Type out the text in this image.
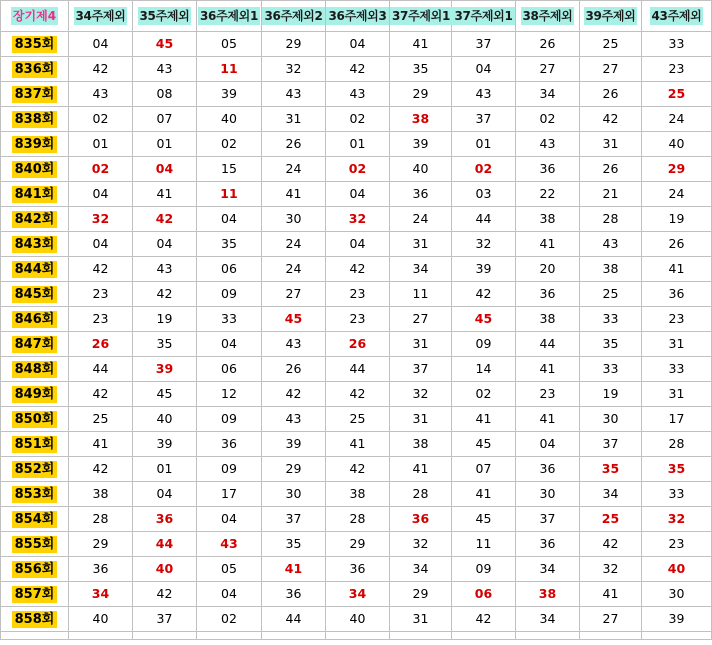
장기제4	34주제외	35주제외	36주제외1	36주제외2	36주제외3	37주제외1	37주제외1	38주제외	39주제외	43주제외
835회	04	45	05	29	04	41	37	26	25	33
836회	42	43	11	32	42	35	04	27	27	23
837회	43	08	39	43	43	29	43	34	26	25
838회	02	07	40	31	02	38	37	02	42	24
839회	01	01	02	26	01	39	01	43	31	40
840회	02	04	15	24	02	40	02	36	26	29
841회	04	41	11	41	04	36	03	22	21	24
842회	32	42	04	30	32	24	44	38	28	19
843회	04	04	35	24	04	31	32	41	43	26
844회	42	43	06	24	42	34	39	20	38	41
845회	23	42	09	27	23	11	42	36	25	36
846회	23	19	33	45	23	27	45	38	33	23
847회	26	35	04	43	26	31	09	44	35	31
848회	44	39	06	26	44	37	14	41	33	33
849회	42	45	12	42	42	32	02	23	19	31
850회	25	40	09	43	25	31	41	41	30	17
851회	41	39	36	39	41	38	45	04	37	28
852회	42	01	09	29	42	41	07	36	35	35
853회	38	04	17	30	38	28	41	30	34	33
854회	28	36	04	37	28	36	45	37	25	32
855회	29	44	43	35	29	32	11	36	42	23
856회	36	40	05	41	36	34	09	34	32	40
857회	34	42	04	36	34	29	06	38	41	30
858회	40	37	02	44	40	31	42	34	27	39
